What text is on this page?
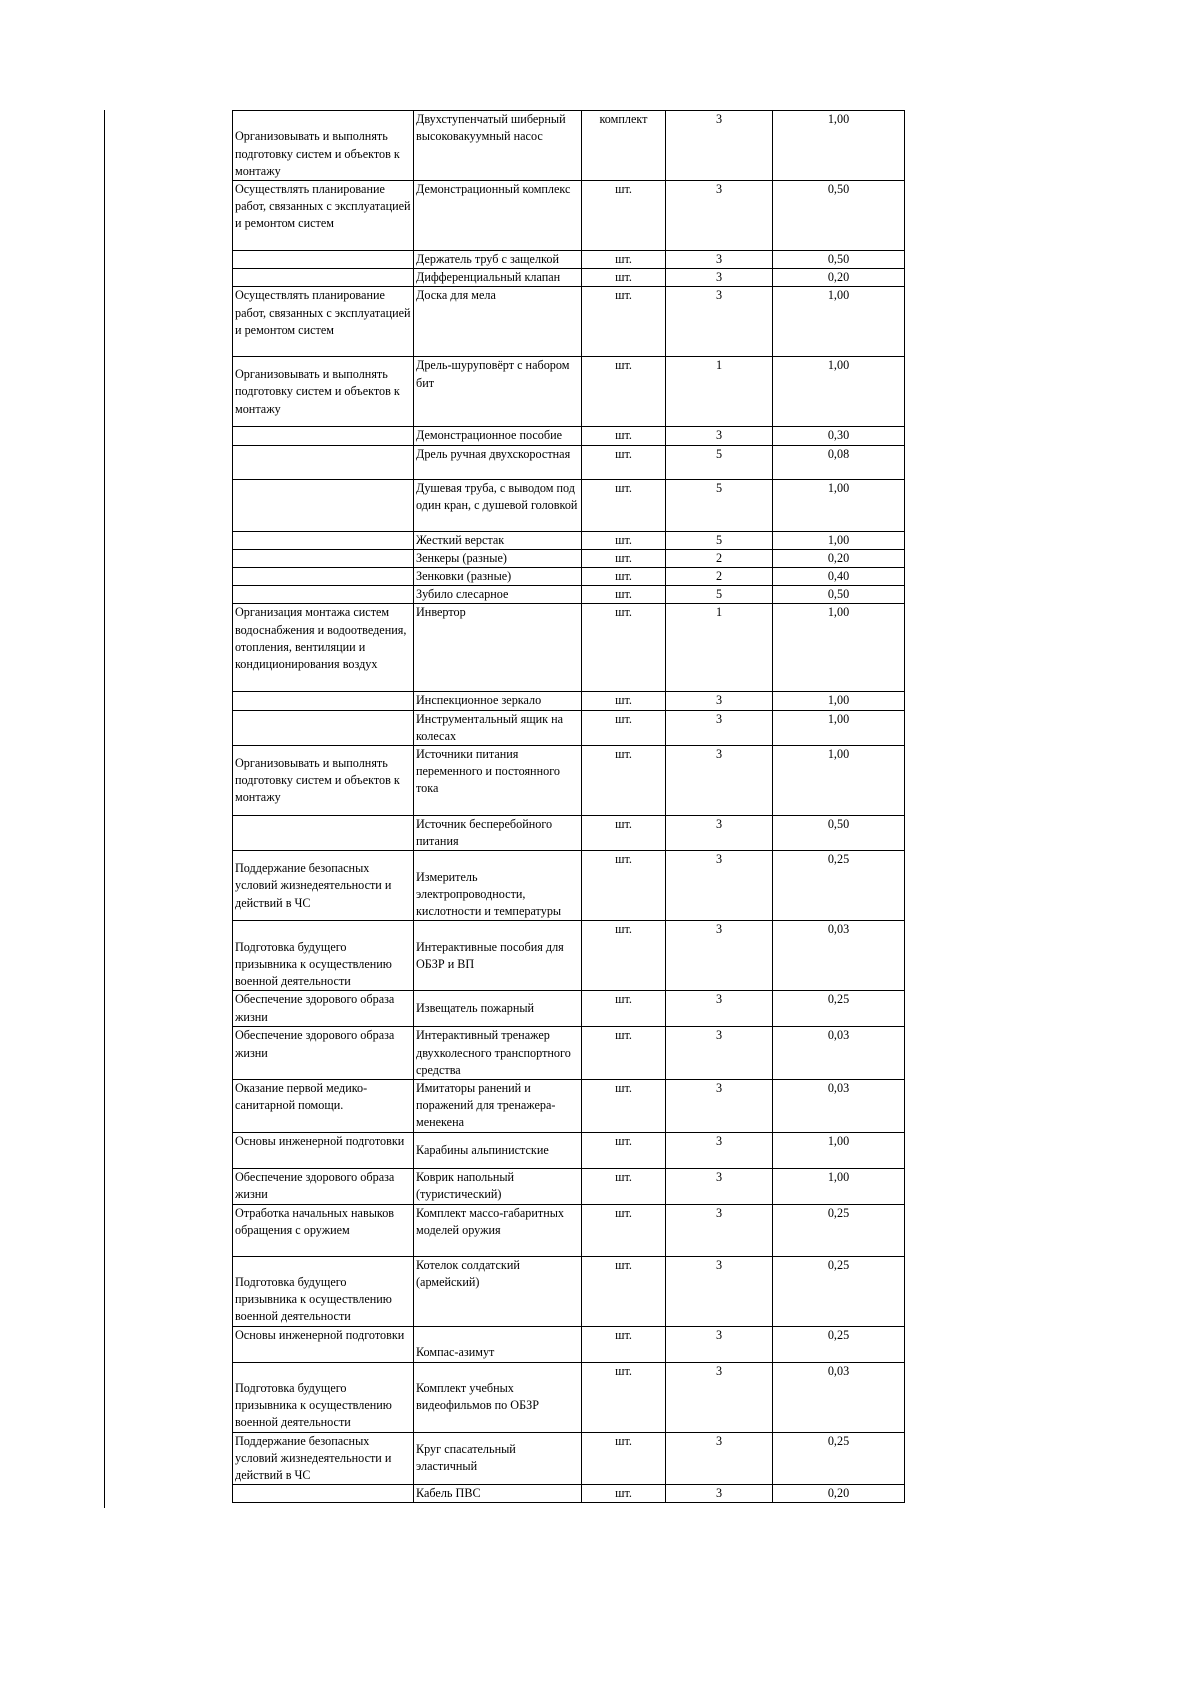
Организовывать и выполнять подготовку систем и объектов к монтажу	Двухступенчатый шиберный высоковакуумный насос	комплект	3	1,00
Осуществлять планирование работ, связанных с эксплуатацией и ремонтом систем	Демонстрационный комплекс	шт.	3	0,50
	Держатель труб с защелкой	шт.	3	0,50
	Дифференциальный клапан	шт.	3	0,20
Осуществлять планирование работ, связанных с эксплуатацией и ремонтом систем	Доска для мела	шт.	3	1,00
Организовывать и выполнять подготовку систем и объектов к монтажу	Дрель-шуруповёрт с набором бит	шт.	1	1,00
	Демонстрационное пособие	шт.	3	0,30
	Дрель ручная двухскоростная	шт.	5	0,08
	Душевая труба, с выводом под один кран, с душевой головкой	шт.	5	1,00
	Жесткий верстак	шт.	5	1,00
	Зенкеры (разные)	шт.	2	0,20
	Зенковки (разные)	шт.	2	0,40
	Зубило слесарное	шт.	5	0,50
Организация монтажа систем водоснабжения и водоотведения, отопления, вентиляции и кондиционирования воздух	Инвертор	шт.	1	1,00
	Инспекционное зеркало	шт.	3	1,00
	Инструментальный ящик на колесах	шт.	3	1,00
Организовывать и выполнять подготовку систем и объектов к монтажу	Источники питания переменного и постоянного тока	шт.	3	1,00
	Источник бесперебойного питания	шт.	3	0,50
Поддержание безопасных условий жизнедеятельности и действий в ЧС	Измеритель электропроводности, кислотности и температуры	шт.	3	0,25
Подготовка будущего призывника к осуществлению военной деятельности	Интерактивные пособия для ОБЗР и ВП	шт.	3	0,03
Обеспечение здорового образа жизни	Извещатель пожарный	шт.	3	0,25
Обеспечение здорового образа жизни	Интерактивный тренажер двухколесного транспортного средства	шт.	3	0,03
Оказание первой медико-санитарной помощи.	Имитаторы ранений и поражений для тренажера-менекена	шт.	3	0,03
Основы инженерной подготовки	Карабины альпинистские	шт.	3	1,00
Обеспечение здорового образа жизни	Коврик напольный (туристический)	шт.	3	1,00
Отработка начальных навыков обращения с оружием	Комплект массо-габаритных моделей оружия	шт.	3	0,25
Подготовка будущего призывника к осуществлению военной деятельности	Котелок солдатский (армейский)	шт.	3	0,25
Основы инженерной подготовки	Компас-азимут	шт.	3	0,25
Подготовка будущего призывника к осуществлению военной деятельности	Комплект учебных видеофильмов по ОБЗР	шт.	3	0,03
Поддержание безопасных условий жизнедеятельности и действий в ЧС	Круг спасательный эластичный	шт.	3	0,25
	Кабель ПВС	шт.	3	0,20
